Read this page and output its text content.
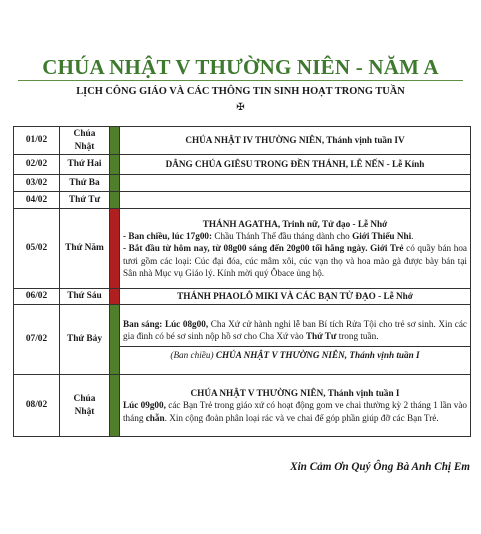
CHÚA NHẬT V THƯỜNG NIÊN - NĂM A
LỊCH CÔNG GIÁO VÀ CÁC THÔNG TIN SINH HOẠT TRONG TUẦN
✠
01/02	Chúa Nhật		CHÚA NHẬT IV THƯỜNG NIÊN, Thánh vịnh tuần IV
02/02	Thứ Hai		DÂNG CHÚA GIÊSU TRONG ĐỀN THÁNH, LỄ NẾN - Lễ Kính
03/02	Thứ Ba		
04/02	Thứ Tư		
05/02	Thứ Năm		THÁNH AGATHA, Trinh nữ, Tử đạo - Lễ Nhớ
- Ban chiều, lúc 17g00: Chầu Thánh Thể đầu tháng dành cho Giới Thiếu Nhi.
- Bắt đầu từ hôm nay, từ 08g00 sáng đến 20g00 tối hằng ngày. Giới Trẻ có quầy bán hoa tươi gồm các loại: Cúc đại đóa, cúc mâm xôi, cúc vạn thọ và hoa mào gà được bày bán tại Sân nhà Mục vụ Giáo lý. Kính mời quý Ôbace ủng hộ.

06/02	Thứ Sáu		THÁNH PHAOLÔ MIKI VÀ CÁC BẠN TỬ ĐẠO - Lễ Nhớ
07/02	Thứ Bảy		Ban sáng: Lúc 08g00, Cha Xứ cử hành nghi lễ ban Bí tích Rửa Tội cho trẻ sơ sinh. Xin các gia đình có bé sơ sinh nộp hồ sơ cho Cha Xứ vào Thứ Tư trong tuần.
(Ban chiều) CHÚA NHẬT V THƯỜNG NIÊN, Thánh vịnh tuần I

08/02	Chúa Nhật		CHÚA NHẬT V THƯỜNG NIÊN, Thánh vịnh tuần I
Lúc 09g00, các Bạn Trẻ trong giáo xứ có hoạt động gom ve chai thường kỳ 2 tháng 1 lần vào tháng chẵn. Xin cộng đoàn phân loại rác và ve chai để góp phần giúp đỡ các Bạn Trẻ.
Xin Cảm Ơn Quý Ông Bà Anh Chị Em
